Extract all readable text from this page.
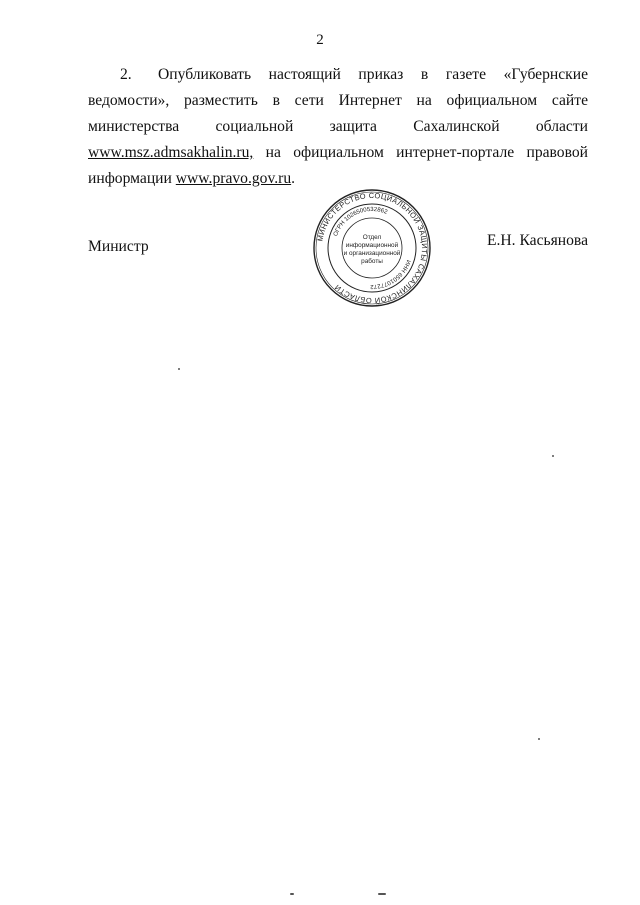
2

2. Опубликовать настоящий приказ в газете «Губернские ведомости», разместить в сети Интернет на официальном сайте министерства социальной защита Сахалинской области www.msz.admsakhalin.ru, на официальном интернет-портале правовой информации www.pravo.gov.ru.

Министр	Е.Н. Касьянова
МИНИСТЕРСТВО СОЦИАЛЬНОЙ ЗАЩИТЫ САХАЛИНСКОЙ ОБЛАСТИ
ОГРН 1026500532862
ИНН 6501077272
Отдел
информационной
и организационной
работы
